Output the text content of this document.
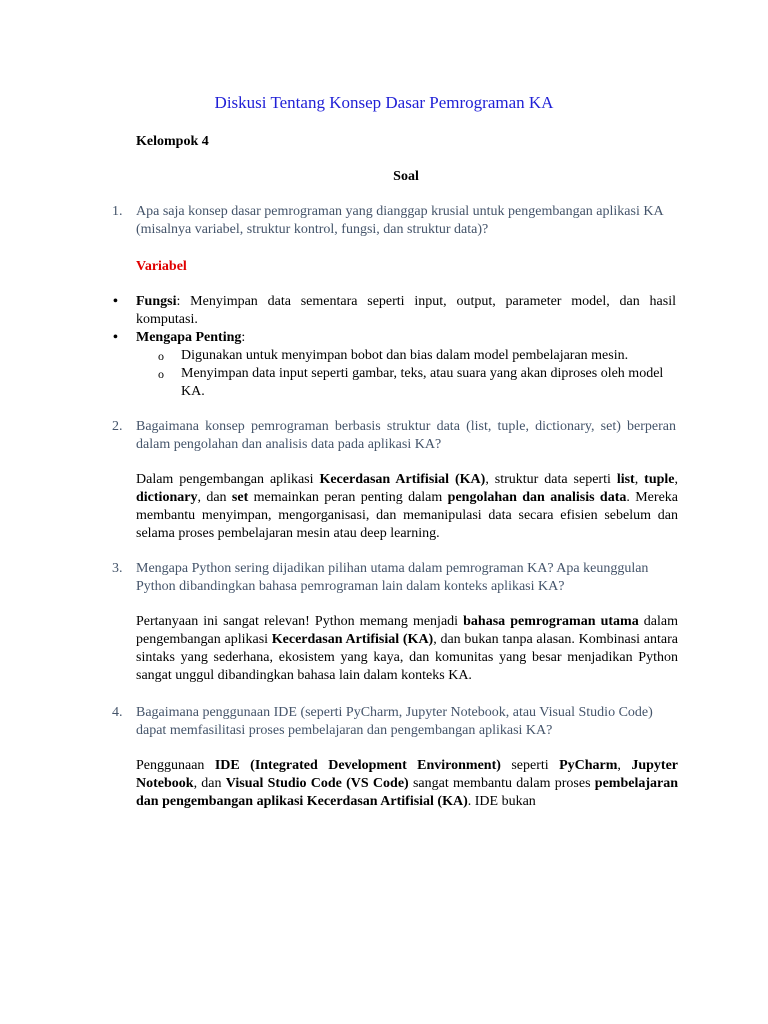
Diskusi Tentang Konsep Dasar Pemrograman KA
Kelompok 4
Soal
1. Apa saja konsep dasar pemrograman yang dianggap krusial untuk pengembangan aplikasi KA (misalnya variabel, struktur kontrol, fungsi, dan struktur data)?
Variabel
• Fungsi: Menyimpan data sementara seperti input, output, parameter model, dan hasil komputasi.
• Mengapa Penting:
o Digunakan untuk menyimpan bobot dan bias dalam model pembelajaran mesin.
o Menyimpan data input seperti gambar, teks, atau suara yang akan diproses oleh model KA.
2. Bagaimana konsep pemrograman berbasis struktur data (list, tuple, dictionary, set) berperan dalam pengolahan dan analisis data pada aplikasi KA?
Dalam pengembangan aplikasi Kecerdasan Artifisial (KA), struktur data seperti list, tuple, dictionary, dan set memainkan peran penting dalam pengolahan dan analisis data. Mereka membantu menyimpan, mengorganisasi, dan memanipulasi data secara efisien sebelum dan selama proses pembelajaran mesin atau deep learning.
3. Mengapa Python sering dijadikan pilihan utama dalam pemrograman KA? Apa keunggulan Python dibandingkan bahasa pemrograman lain dalam konteks aplikasi KA?
Pertanyaan ini sangat relevan! Python memang menjadi bahasa pemrograman utama dalam pengembangan aplikasi Kecerdasan Artifisial (KA), dan bukan tanpa alasan. Kombinasi antara sintaks yang sederhana, ekosistem yang kaya, dan komunitas yang besar menjadikan Python sangat unggul dibandingkan bahasa lain dalam konteks KA.
4. Bagaimana penggunaan IDE (seperti PyCharm, Jupyter Notebook, atau Visual Studio Code) dapat memfasilitasi proses pembelajaran dan pengembangan aplikasi KA?
Penggunaan IDE (Integrated Development Environment) seperti PyCharm, Jupyter Notebook, dan Visual Studio Code (VS Code) sangat membantu dalam proses pembelajaran dan pengembangan aplikasi Kecerdasan Artifisial (KA). IDE bukan
